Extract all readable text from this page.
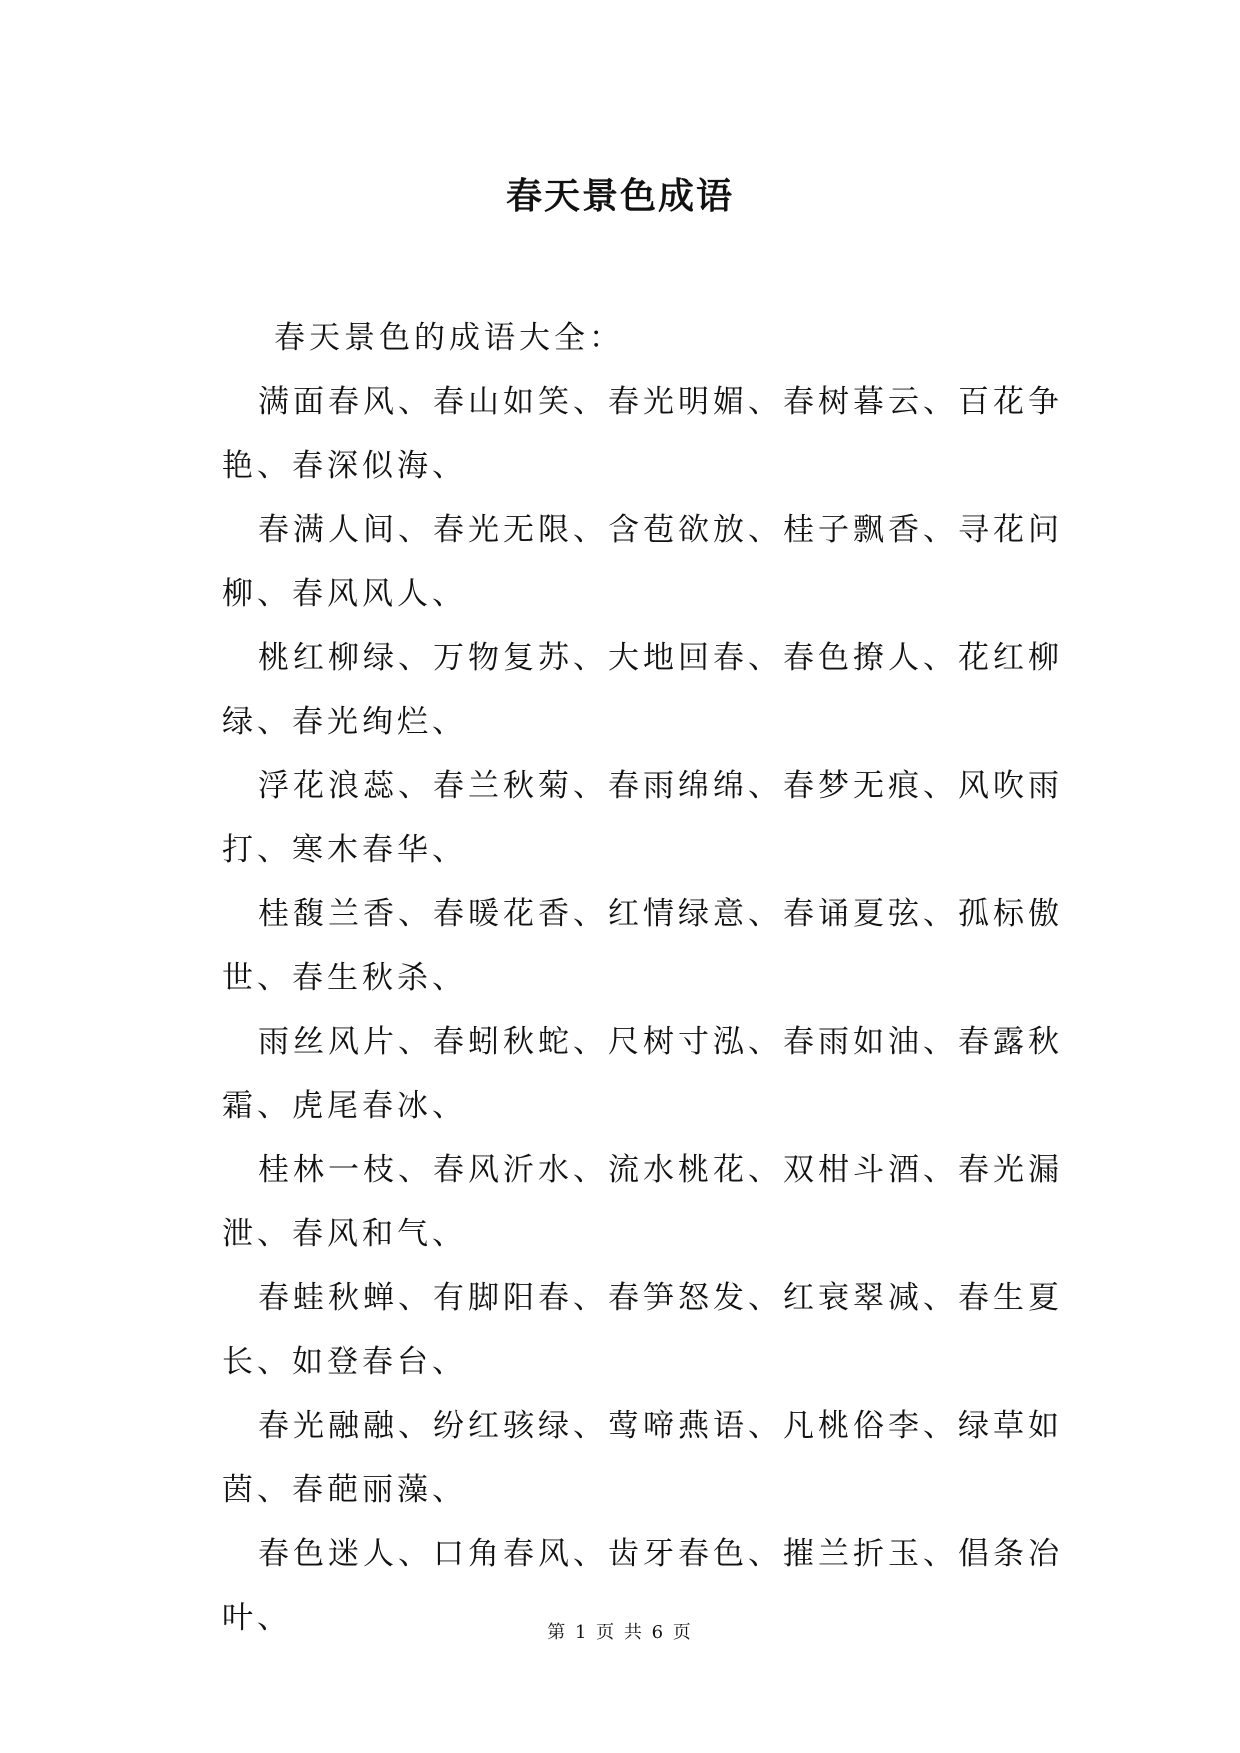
春天景色成语

春天景色的成语大全：

满面春风、春山如笑、春光明媚、春树暮云、百花争艳、春深似海、

春满人间、春光无限、含苞欲放、桂子飘香、寻花问柳、春风风人、

桃红柳绿、万物复苏、大地回春、春色撩人、花红柳绿、春光绚烂、

浮花浪蕊、春兰秋菊、春雨绵绵、春梦无痕、风吹雨打、寒木春华、

桂馥兰香、春暖花香、红情绿意、春诵夏弦、孤标傲世、春生秋杀、

雨丝风片、春蚓秋蛇、尺树寸泓、春雨如油、春露秋霜、虎尾春冰、

桂林一枝、春风沂水、流水桃花、双柑斗酒、春光漏泄、春风和气、

春蛙秋蝉、有脚阳春、春笋怒发、红衰翠减、春生夏长、如登春台、

春光融融、纷红骇绿、莺啼燕语、凡桃俗李、绿草如茵、春葩丽藻、

春色迷人、口角春风、齿牙春色、摧兰折玉、倡条冶叶、	第 1 页 共 6 页
